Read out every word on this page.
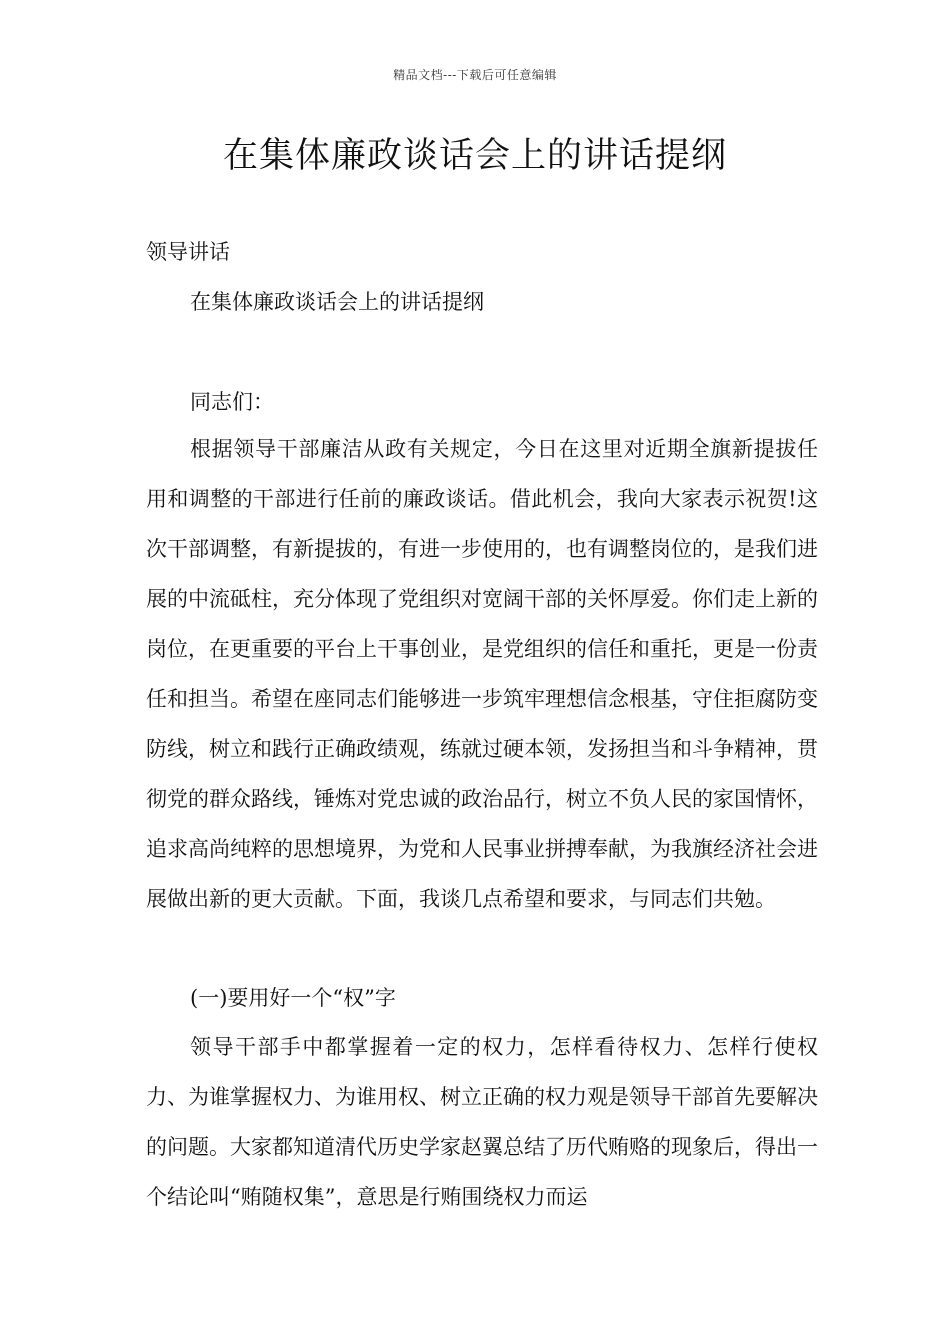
精品文档---下载后可任意编辑
在集体廉政谈话会上的讲话提纲
领导讲话
在集体廉政谈话会上的讲话提纲
同志们：

根据领导干部廉洁从政有关规定，今日在这里对近期全旗新提拔任用和调整的干部进行任前的廉政谈话。借此机会，我向大家表示祝贺!这次干部调整，有新提拔的，有进一步使用的，也有调整岗位的，是我们进展的中流砥柱，充分体现了党组织对宽阔干部的关怀厚爱。你们走上新的岗位，在更重要的平台上干事创业，是党组织的信任和重托，更是一份责任和担当。希望在座同志们能够进一步筑牢理想信念根基，守住拒腐防变防线，树立和践行正确政绩观，练就过硬本领，发扬担当和斗争精神，贯彻党的群众路线，锤炼对党忠诚的政治品行，树立不负人民的家国情怀，追求高尚纯粹的思想境界，为党和人民事业拼搏奉献，为我旗经济社会进展做出新的更大贡献。下面，我谈几点希望和要求，与同志们共勉。

(一)要用好一个“权”字

领导干部手中都掌握着一定的权力，怎样看待权力、怎样行使权力、为谁掌握权力、为谁用权、树立正确的权力观是领导干部首先要解决的问题。大家都知道清代历史学家赵翼总结了历代贿赂的现象后，得出一个结论叫“贿随权集”，意思是行贿围绕权力而运
